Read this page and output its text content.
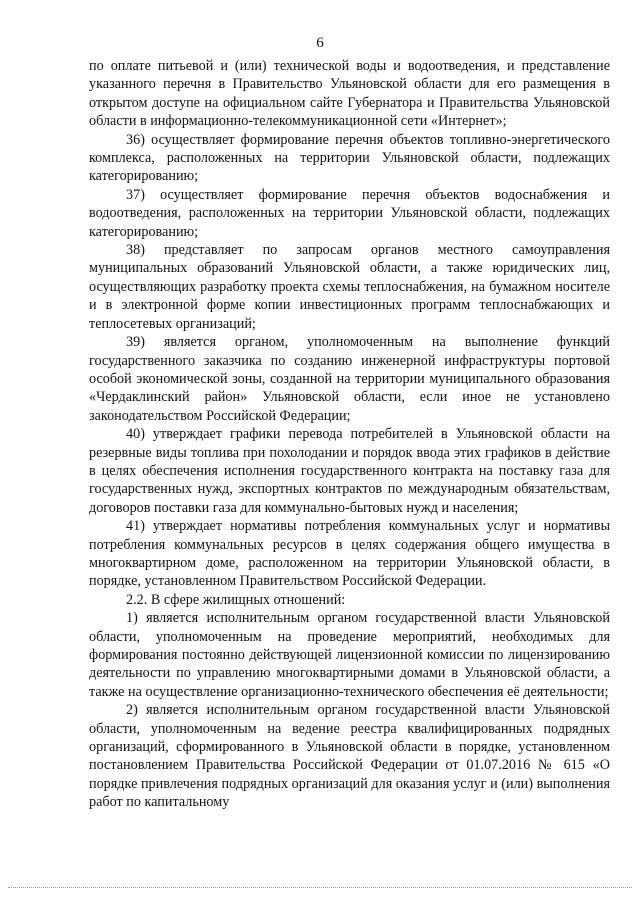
6

по оплате питьевой и (или) технической воды и водоотведения, и представление указанного перечня в Правительство Ульяновской области для его размещения в открытом доступе на официальном сайте Губернатора и Правительства Ульяновской области в информационно-телекоммуникационной сети «Интернет»;

36) осуществляет формирование перечня объектов топливно-энергетического комплекса, расположенных на территории Ульяновской области, подлежащих категорированию;

37) осуществляет формирование перечня объектов водоснабжения и водоотведения, расположенных на территории Ульяновской области, подлежащих категорированию;

38) представляет по запросам органов местного самоуправления муниципальных образований Ульяновской области, а также юридических лиц, осуществляющих разработку проекта схемы теплоснабжения, на бумажном носителе и в электронной форме копии инвестиционных программ теплоснабжающих и теплосетевых организаций;

39) является органом, уполномоченным на выполнение функций государственного заказчика по созданию инженерной инфраструктуры портовой особой экономической зоны, созданной на территории муниципального образования «Чердаклинский район» Ульяновской области, если иное не установлено законодательством Российской Федерации;

40) утверждает графики перевода потребителей в Ульяновской области на резервные виды топлива при похолодании и порядок ввода этих графиков в действие в целях обеспечения исполнения государственного контракта на поставку газа для государственных нужд, экспортных контрактов по международным обязательствам, договоров поставки газа для коммунально-бытовых нужд и населения;

41) утверждает нормативы потребления коммунальных услуг и нормативы потребления коммунальных ресурсов в целях содержания общего имущества в многоквартирном доме, расположенном на территории Ульяновской области, в порядке, установленном Правительством Российской Федерации.

2.2. В сфере жилищных отношений:

1) является исполнительным органом государственной власти Ульяновской области, уполномоченным на проведение мероприятий, необходимых для формирования постоянно действующей лицензионной комиссии по лицензированию деятельности по управлению многоквартирными домами в Ульяновской области, а также на осуществление организационно-технического обеспечения её деятельности;

2) является исполнительным органом государственной власти Ульяновской области, уполномоченным на ведение реестра квалифицированных подрядных организаций, сформированного в Ульяновской области в порядке, установленном постановлением Правительства Российской Федерации от 01.07.2016 № 615 «О порядке привлечения подрядных организаций для оказания услуг и (или) выполнения работ по капитальному
